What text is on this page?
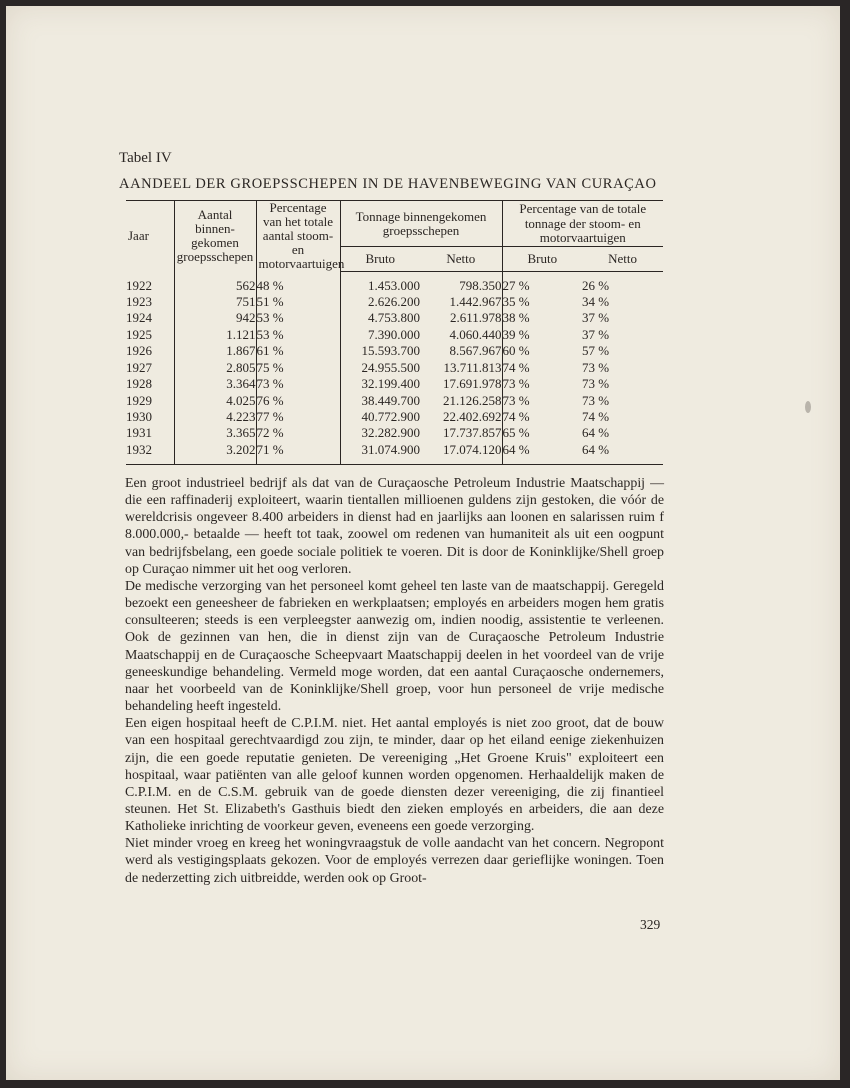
Tabel IV
AANDEEL DER GROEPSSCHEPEN IN DE HAVENBEWEGING VAN CURAÇAO
Jaar	Aantal binnen-gekomen groepsschepen	Percentage van het totale aantal stoom- en motorvaartuigen	Tonnage binnengekomen groepsschepen		Percentage van de totale tonnage der stoom- en motorvaartuigen	
			Bruto	Netto	Bruto	Netto

1922	562	48 %	1.453.000	798.350	27 %	26 %
1923	751	51 %	2.626.200	1.442.967	35 %	34 %
1924	942	53 %	4.753.800	2.611.978	38 %	37 %
1925	1.121	53 %	7.390.000	4.060.440	39 %	37 %
1926	1.867	61 %	15.593.700	8.567.967	60 %	57 %
1927	2.805	75 %	24.955.500	13.711.813	74 %	73 %
1928	3.364	73 %	32.199.400	17.691.978	73 %	73 %
1929	4.025	76 %	38.449.700	21.126.258	73 %	73 %
1930	4.223	77 %	40.772.900	22.402.692	74 %	74 %
1931	3.365	72 %	32.282.900	17.737.857	65 %	64 %
1932	3.202	71 %	31.074.900	17.074.120	64 %	64 %

Een groot industrieel bedrijf als dat van de Curaçaosche Petroleum Industrie Maatschappij — die een raffinaderij exploiteert, waarin tientallen millioenen guldens zijn gestoken, die vóór de wereldcrisis ongeveer 8.400 arbeiders in dienst had en jaarlijks aan loonen en salarissen ruim f 8.000.000,- betaalde — heeft tot taak, zoowel om redenen van humaniteit als uit een oogpunt van bedrijfsbelang, een goede sociale politiek te voeren. Dit is door de Koninklijke/Shell groep op Curaçao nimmer uit het oog verloren.

De medische verzorging van het personeel komt geheel ten laste van de maatschappij. Geregeld bezoekt een geneesheer de fabrieken en werkplaatsen; employés en arbeiders mogen hem gratis consulteeren; steeds is een verpleegster aanwezig om, indien noodig, assistentie te verleenen. Ook de gezinnen van hen, die in dienst zijn van de Curaçaosche Petroleum Industrie Maatschappij en de Curaçaosche Scheepvaart Maatschappij deelen in het voordeel van de vrije geneeskundige behandeling. Vermeld moge worden, dat een aantal Curaçaosche ondernemers, naar het voorbeeld van de Koninklijke/Shell groep, voor hun personeel de vrije medische behandeling heeft ingesteld.

Een eigen hospitaal heeft de C.P.I.M. niet. Het aantal employés is niet zoo groot, dat de bouw van een hospitaal gerechtvaardigd zou zijn, te minder, daar op het eiland eenige ziekenhuizen zijn, die een goede reputatie genieten. De vereeniging „Het Groene Kruis" exploiteert een hospitaal, waar patiënten van alle geloof kunnen worden opgenomen. Herhaaldelijk maken de C.P.I.M. en de C.S.M. gebruik van de goede diensten dezer vereeniging, die zij finantieel steunen. Het St. Elizabeth's Gasthuis biedt den zieken employés en arbeiders, die aan deze Katholieke inrichting de voorkeur geven, eveneens een goede verzorging.

Niet minder vroeg en kreeg het woningvraagstuk de volle aandacht van het concern. Negropont werd als vestigingsplaats gekozen. Voor de employés verrezen daar gerieflijke woningen. Toen de nederzetting zich uitbreidde, werden ook op Groot-

329
